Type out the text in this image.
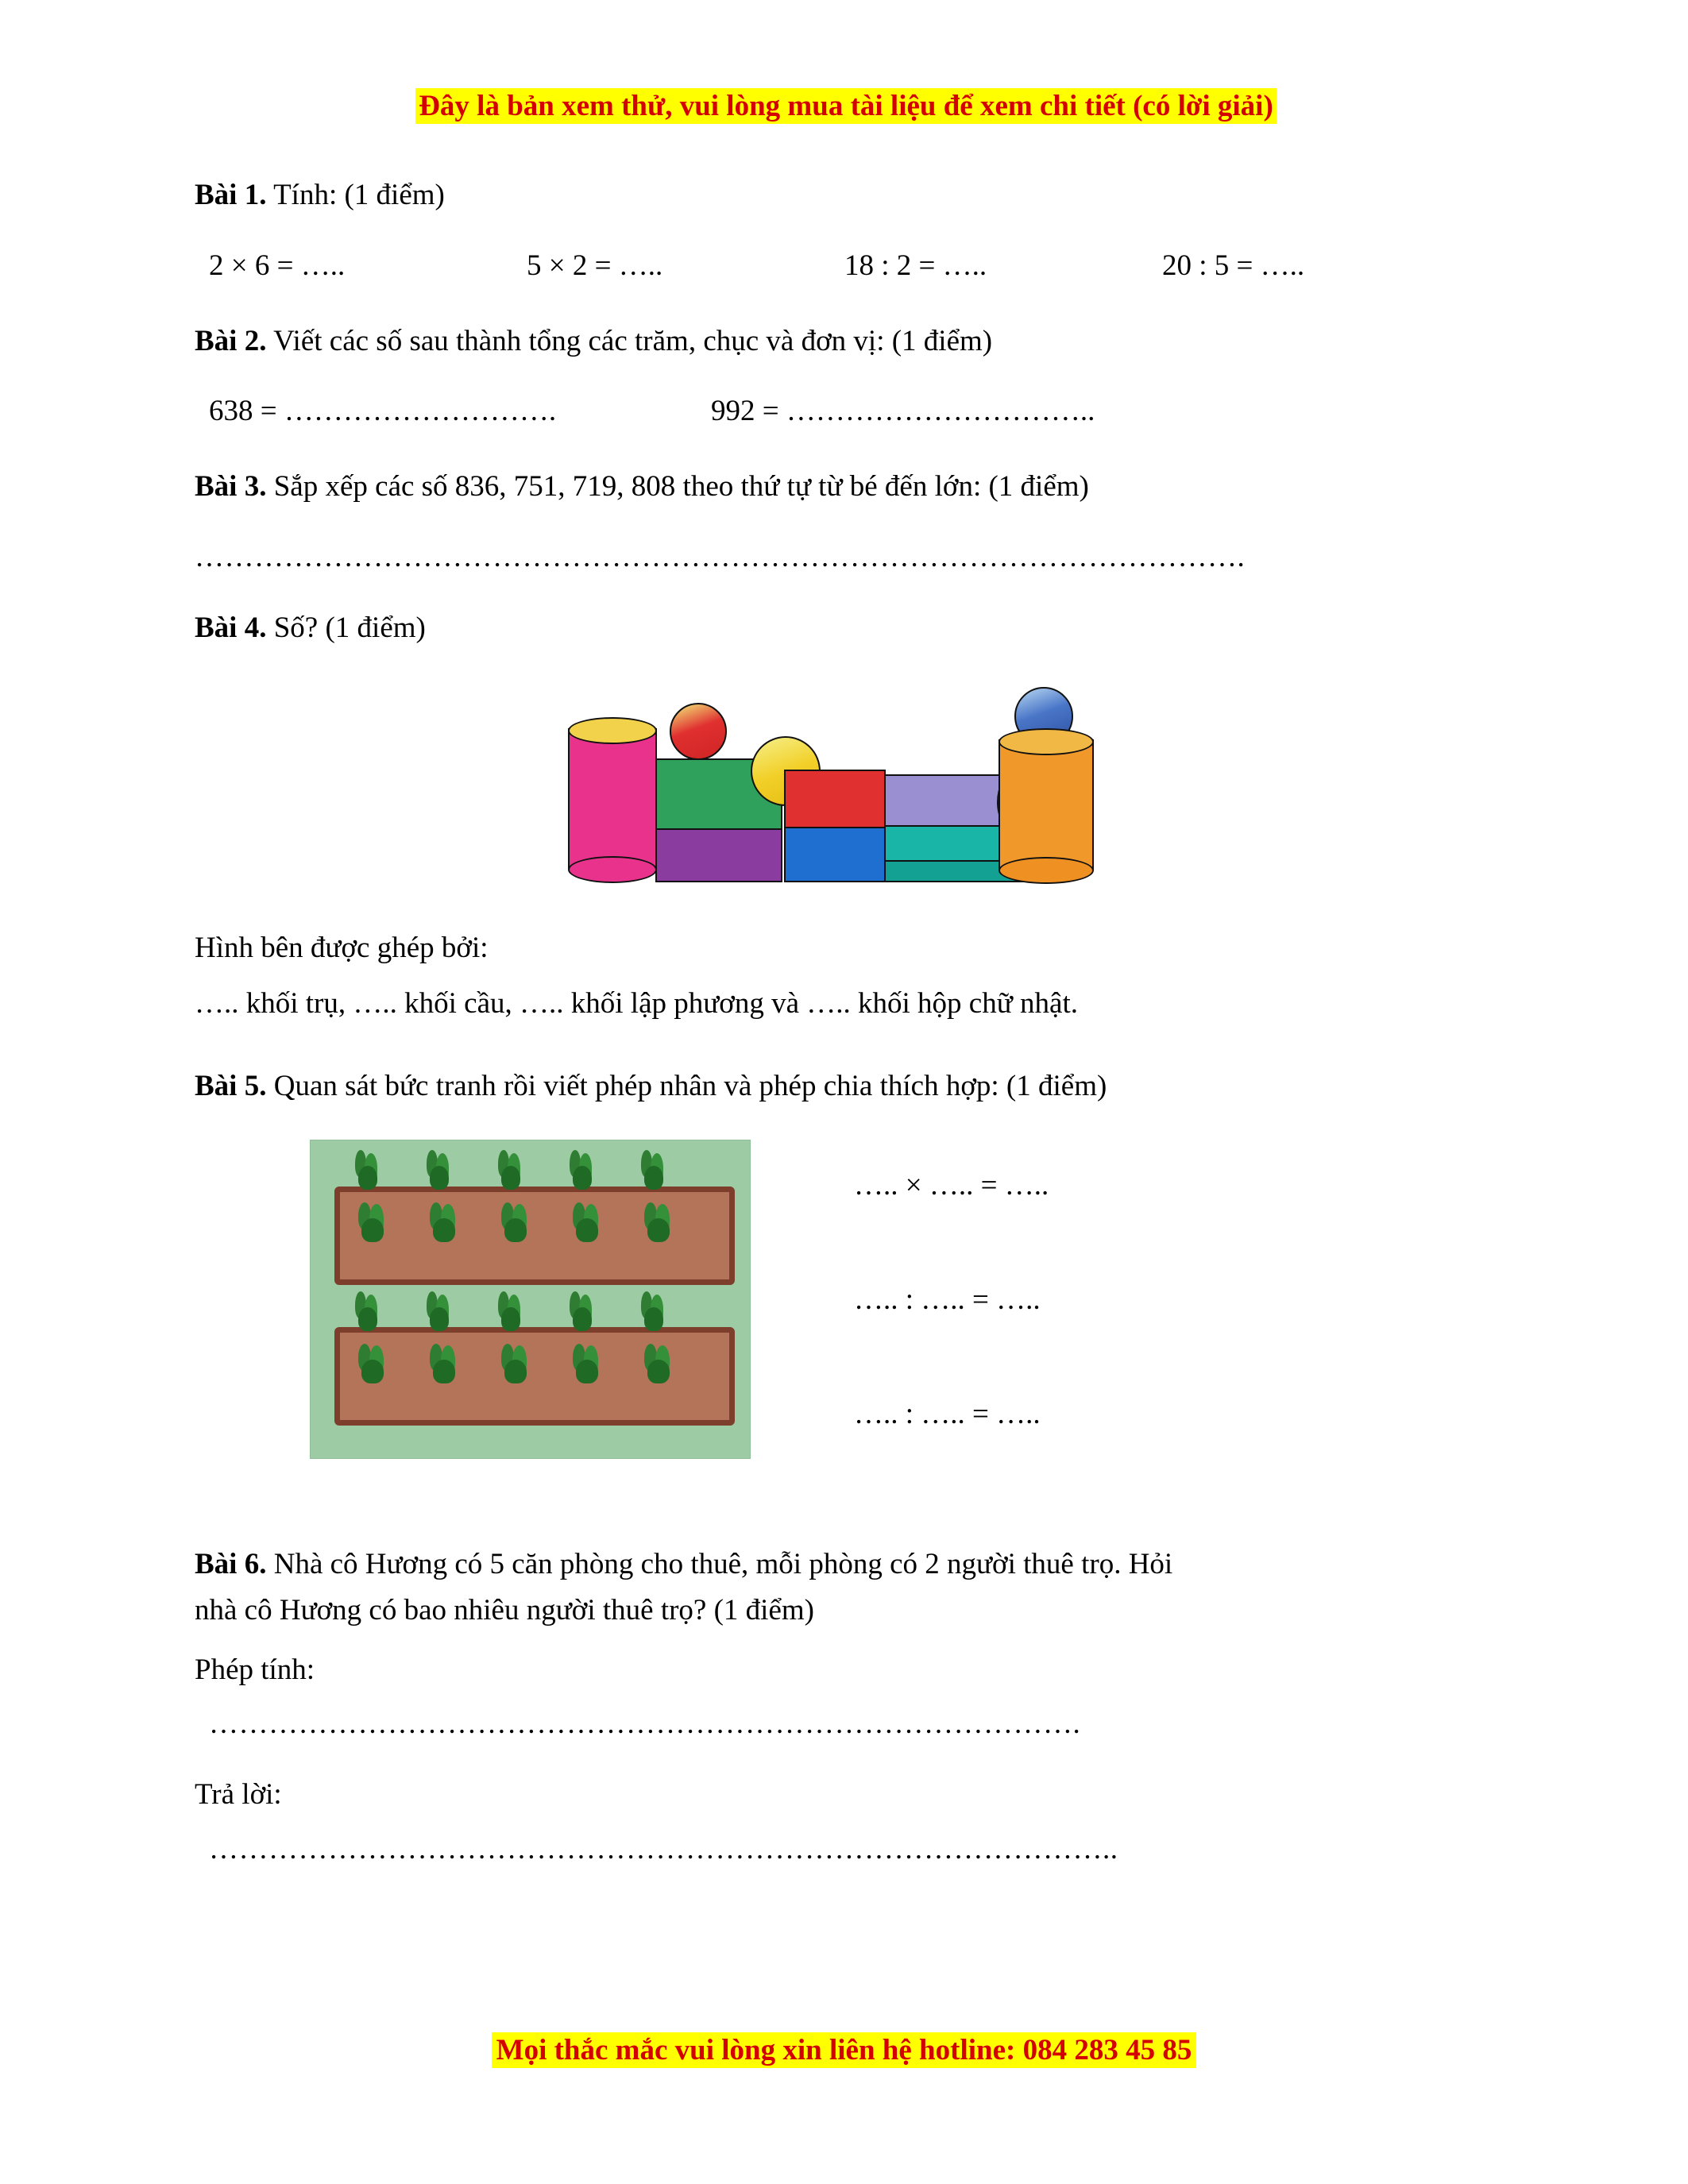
Đây là bản xem thử, vui lòng mua tài liệu để xem chi tiết (có lời giải)
Bài 1. Tính: (1 điểm)
2 × 6 = …..	5 × 2 = …..	18 : 2 = …..	20 : 5 = …..
Bài 2. Viết các số sau thành tổng các trăm, chục và đơn vị: (1 điểm)
638 = ……………………….	992 = …………………………..
Bài 3. Sắp xếp các số 836, 751, 719, 808 theo thứ tự từ bé đến lớn: (1 điểm)
…………………………………………………………………………………………….
Bài 4. Số? (1 điểm)
Hình bên được ghép bởi:
….. khối trụ, ….. khối cầu, ….. khối lập phương và ….. khối hộp chữ nhật.
Bài 5. Quan sát bức tranh rồi viết phép nhân và phép chia thích hợp: (1 điểm)
….. × ….. = …..
….. : ….. = …..
….. : ….. = …..
Bài 6. Nhà cô Hương có 5 căn phòng cho thuê, mỗi phòng có 2 người thuê trọ. Hỏi
nhà cô Hương có bao nhiêu người thuê trọ? (1 điểm)
Phép tính:
…………………………………………………………………………….
Trả lời:
………………………………………………………………………………..
Mọi thắc mắc vui lòng xin liên hệ hotline: 084 283 45 85
